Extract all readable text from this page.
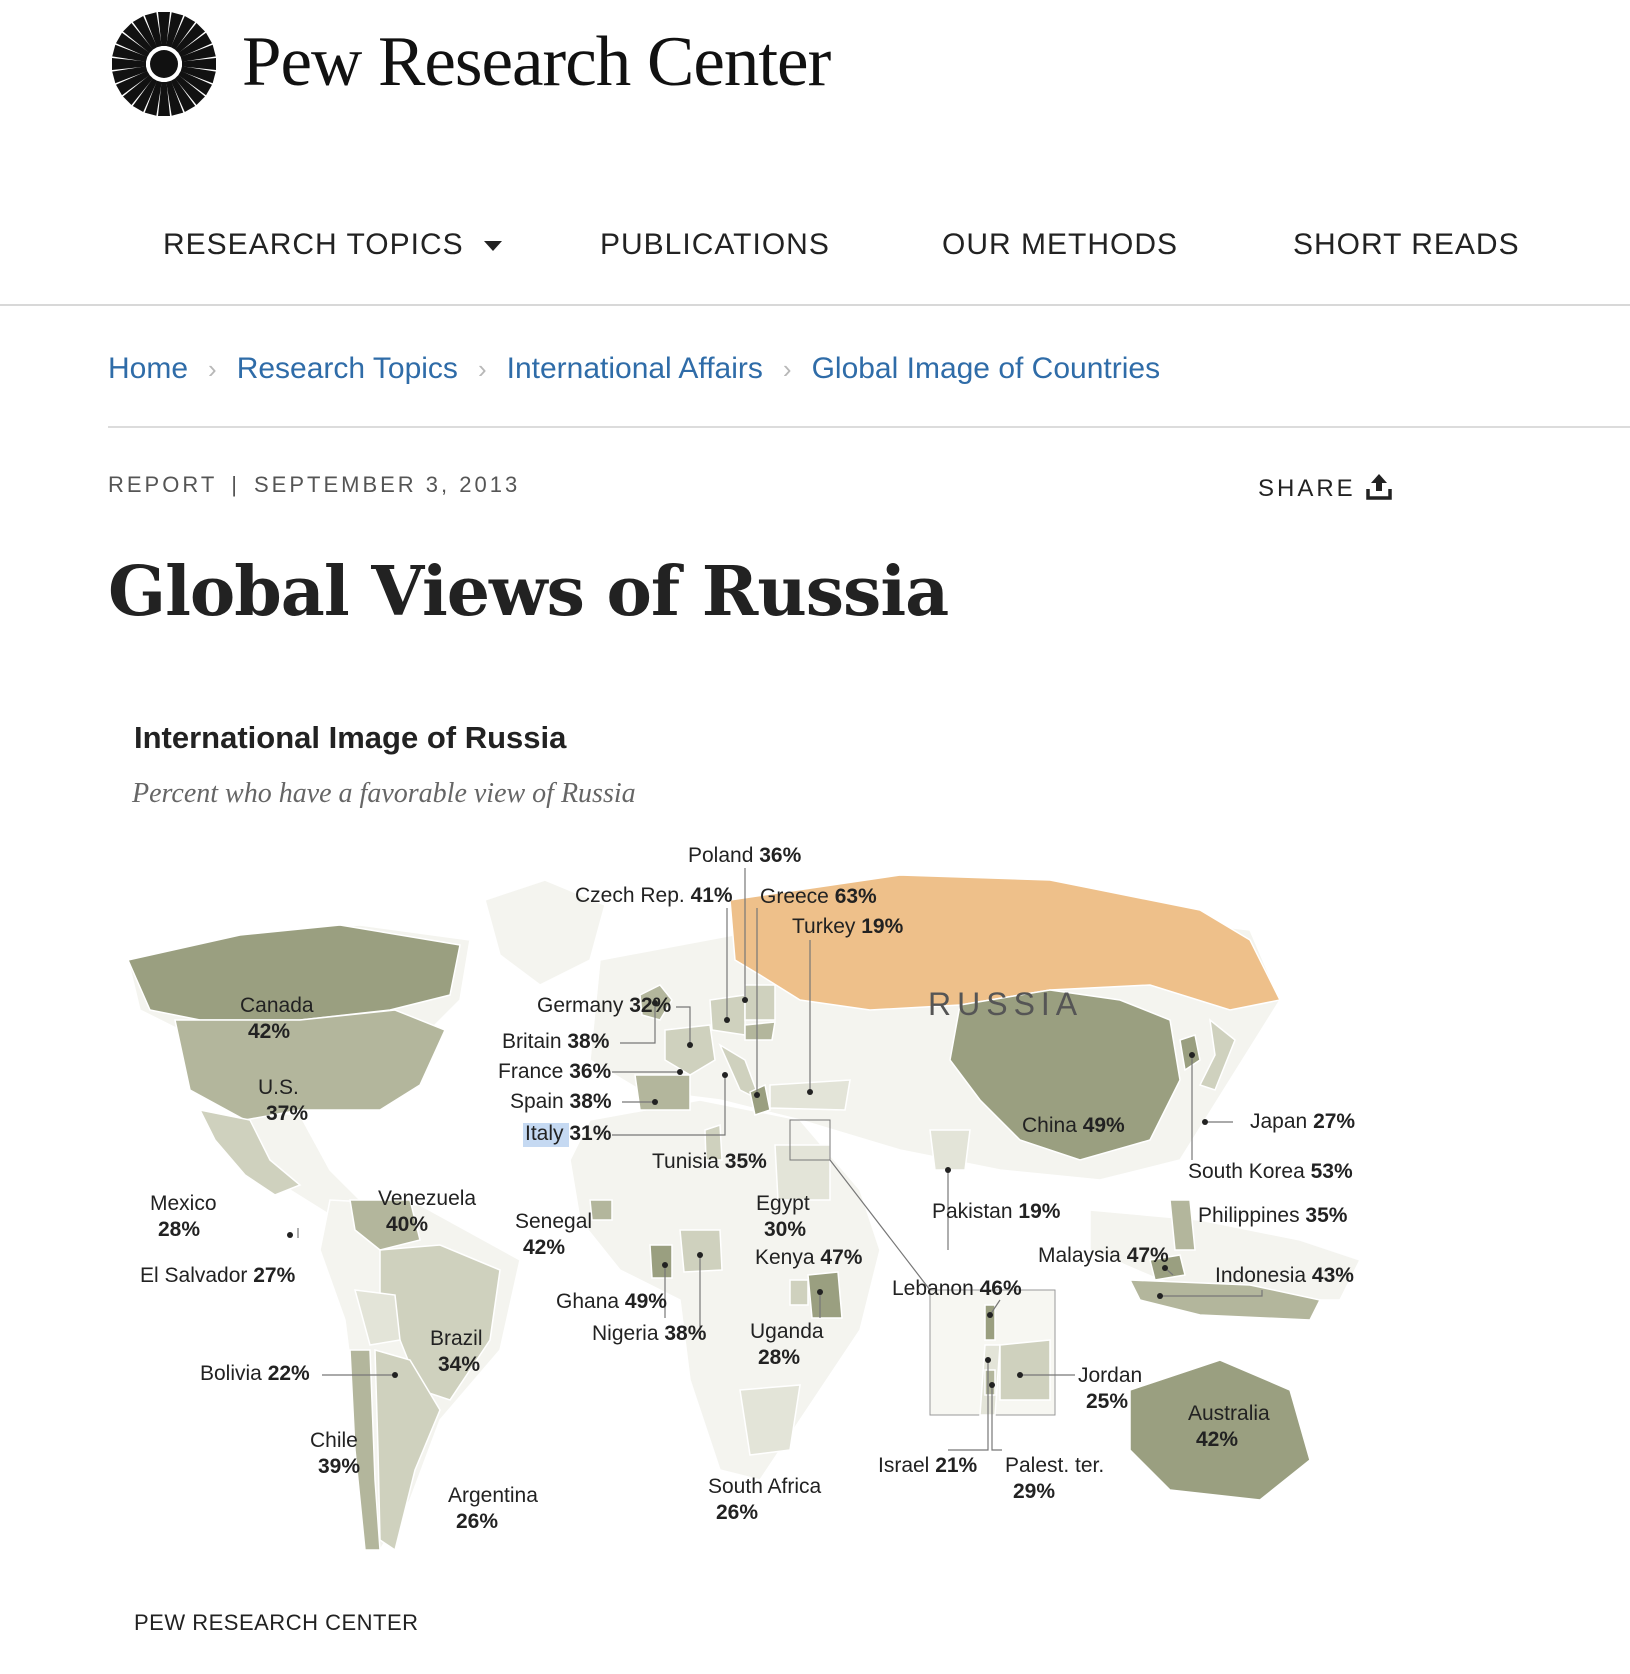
Pew Research Center
RESEARCH TOPICS	PUBLICATIONS	OUR METHODS	SHORT READS
Home › Research Topics › International Affairs › Global Image of Countries
REPORT | SEPTEMBER 3, 2013	SHARE
Global Views of Russia
International Image of Russia
Percent who have a favorable view of Russia
Poland 36%
Czech Rep. 41% Greece 63%
Turkey 19%
Canada
42%
Germany 32%
Britain 38%
France 36%
Spain 38%
Italy 31%
U.S.
37%
China 49%	Japan 27%
Tunisia 35%	South Korea 53%
Mexico
28%
Venezuela
40%
Egypt
30%
Senegal
42%
Pakistan 19%	Philippines 35%
Kenya 47%
El Salvador 27%
Malaysia 47%
Indonesia 43%
Lebanon 46%
Ghana 49%
Nigeria 38% Uganda
28%
Brazil
34%
Bolivia 22%	Jordan
25%
Australia
42%
Chile
39%	Israel 21% Palest. ter.
29%
Argentina
26%
South Africa
26%
RUSSIA
PEW RESEARCH CENTER
